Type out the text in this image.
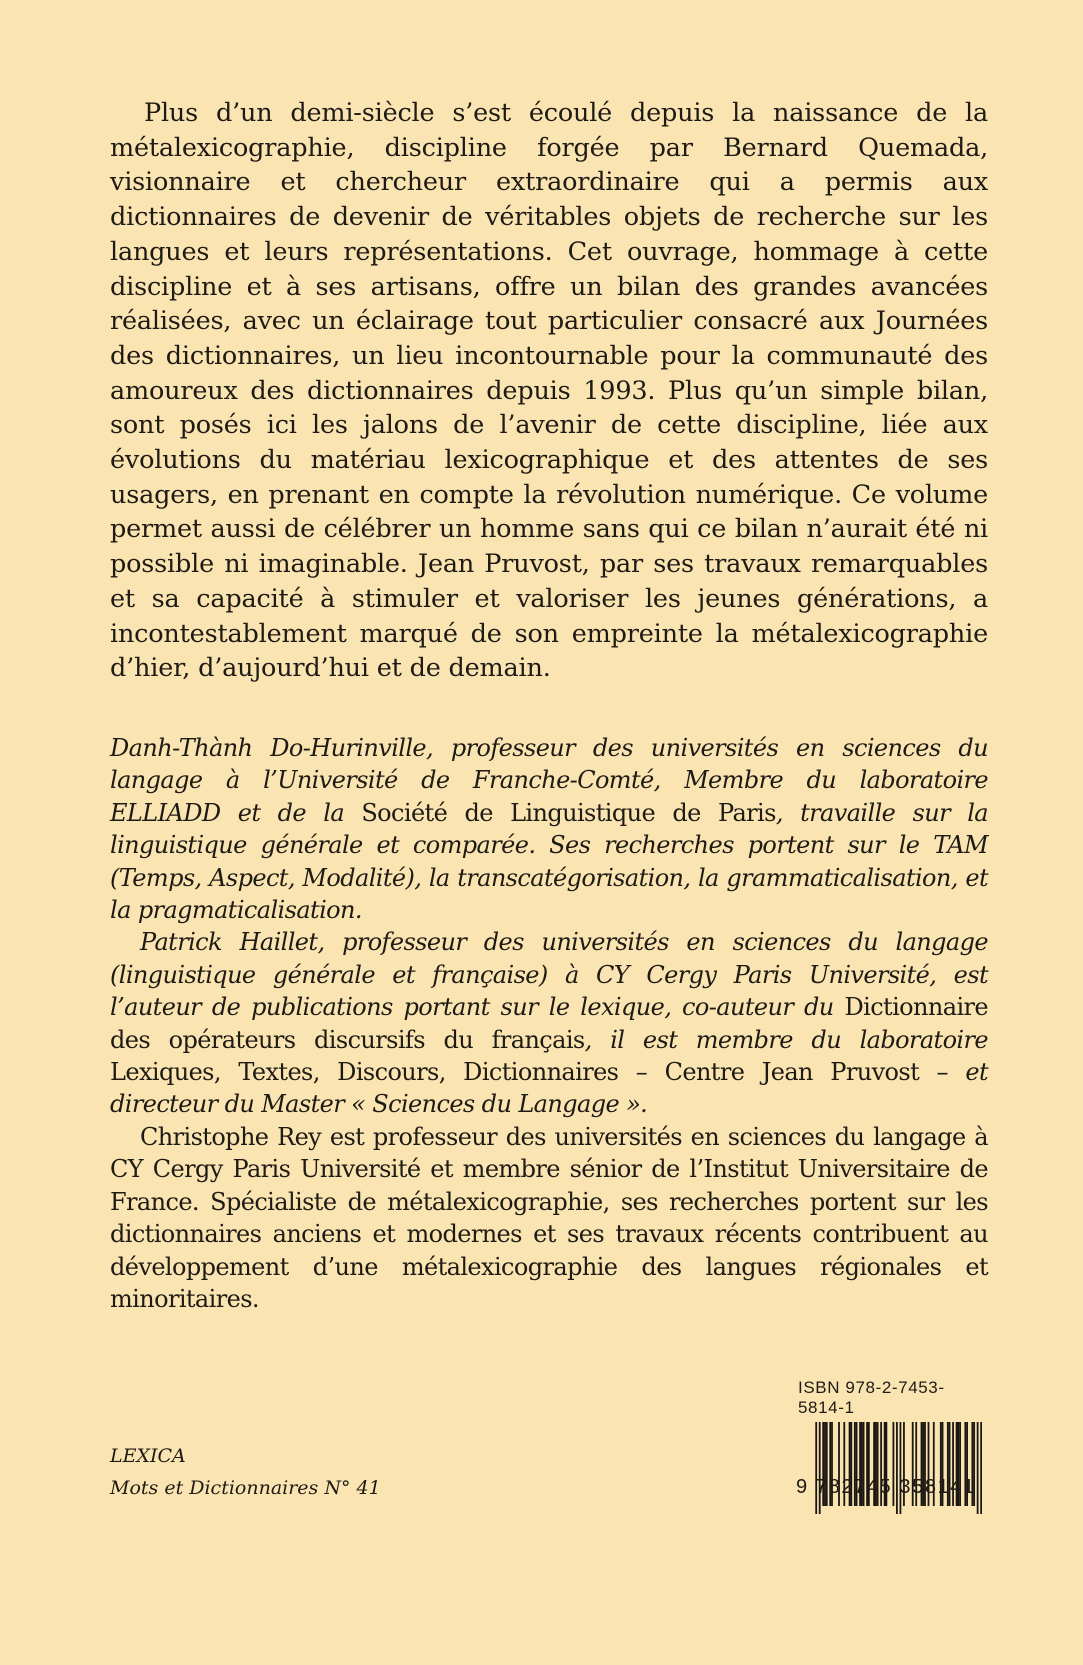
Plus d’un demi-siècle s’est écoulé depuis la naissance de la métalexicographie, discipline forgée par Bernard Quemada, visionnaire et chercheur extraordinaire qui a permis aux dictionnaires de devenir de véritables objets de recherche sur les langues et leurs représentations. Cet ouvrage, hommage à cette discipline et à ses artisans, offre un bilan des grandes avancées réalisées, avec un éclairage tout particulier consacré aux Journées des dictionnaires, un lieu incontournable pour la communauté des amoureux des dictionnaires depuis 1993. Plus qu’un simple bilan, sont posés ici les jalons de l’avenir de cette discipline, liée aux évolutions du matériau lexicographique et des attentes de ses usagers, en prenant en compte la révolution numérique. Ce volume permet aussi de célébrer un homme sans qui ce bilan n’aurait été ni possible ni imaginable. Jean Pruvost, par ses travaux remarquables et sa capacité à stimuler et valoriser les jeunes générations, a incontestablement marqué de son empreinte la métalexicographie d’hier, d’aujourd’hui et de demain.

Danh-Thành Do-Hurinville, professeur des universités en sciences du langage à l’Université de Franche-Comté, Membre du laboratoire ELLIADD et de la Société de Linguistique de Paris, travaille sur la linguistique générale et comparée. Ses recherches portent sur le TAM (Temps, Aspect, Modalité), la transcatégorisation, la grammaticalisation, et la pragmaticalisation.

Patrick Haillet, professeur des universités en sciences du langage (linguistique générale et française) à CY Cergy Paris Université, est l’auteur de publications portant sur le lexique, co-auteur du Dictionnaire des opérateurs discursifs du français, il est membre du laboratoire Lexiques, Textes, Discours, Dictionnaires – Centre Jean Pruvost – et directeur du Master « Sciences du Langage ».

Christophe Rey est professeur des universités en sciences du langage à CY Cergy Paris Université et membre sénior de l’Institut Universitaire de France. Spécialiste de métalexicographie, ses recherches portent sur les dictionnaires anciens et modernes et ses travaux récents contribuent au développement d’une métalexicographie des langues régionales et minoritaires.

LEXICA
Mots et Dictionnaires N° 41
ISBN 978-2-7453-5814-1
9 782745 358141
